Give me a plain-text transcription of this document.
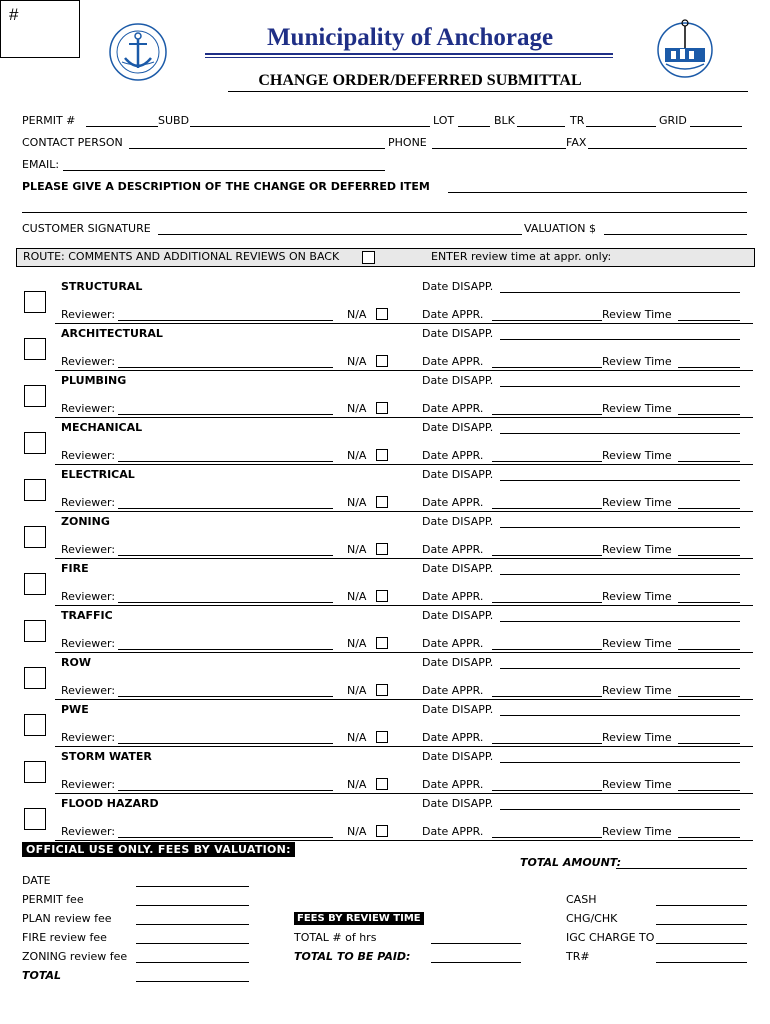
#
Municipality of Anchorage
CHANGE ORDER/DEFERRED SUBMITTAL
PERMIT #	SUBD	LOT	BLK	TR	GRID
CONTACT PERSON	PHONE	FAX
EMAIL:
PLEASE GIVE A DESCRIPTION OF THE CHANGE OR DEFERRED ITEM
CUSTOMER SIGNATURE	VALUATION $
ROUTE: COMMENTS AND ADDITIONAL REVIEWS ON BACK	ENTER review time at appr. only:
STRUCTURAL	Date DISAPP.
Reviewer:	N/A	Date APPR.	Review Time
ARCHITECTURAL	Date DISAPP.
Reviewer:	N/A	Date APPR.	Review Time
PLUMBING	Date DISAPP.
Reviewer:	N/A	Date APPR.	Review Time
MECHANICAL	Date DISAPP.
Reviewer:	N/A	Date APPR.	Review Time
ELECTRICAL	Date DISAPP.
Reviewer:	N/A	Date APPR.	Review Time
ZONING	Date DISAPP.
Reviewer:	N/A	Date APPR.	Review Time
FIRE	Date DISAPP.
Reviewer:	N/A	Date APPR.	Review Time
TRAFFIC	Date DISAPP.
Reviewer:	N/A	Date APPR.	Review Time
ROW	Date DISAPP.
Reviewer:	N/A	Date APPR.	Review Time
PWE	Date DISAPP.
Reviewer:	N/A	Date APPR.	Review Time
STORM WATER	Date DISAPP.
Reviewer:	N/A	Date APPR.	Review Time
FLOOD HAZARD	Date DISAPP.
Reviewer:	N/A	Date APPR.	Review Time
OFFICIAL USE ONLY. FEES BY VALUATION:
TOTAL AMOUNT:
DATE
PERMIT fee
PLAN review fee
FIRE review fee
ZONING review fee
TOTAL
FEES BY REVIEW TIME
TOTAL # of hrs
TOTAL TO BE PAID:
CASH
CHG/CHK
IGC CHARGE TO
TR#
